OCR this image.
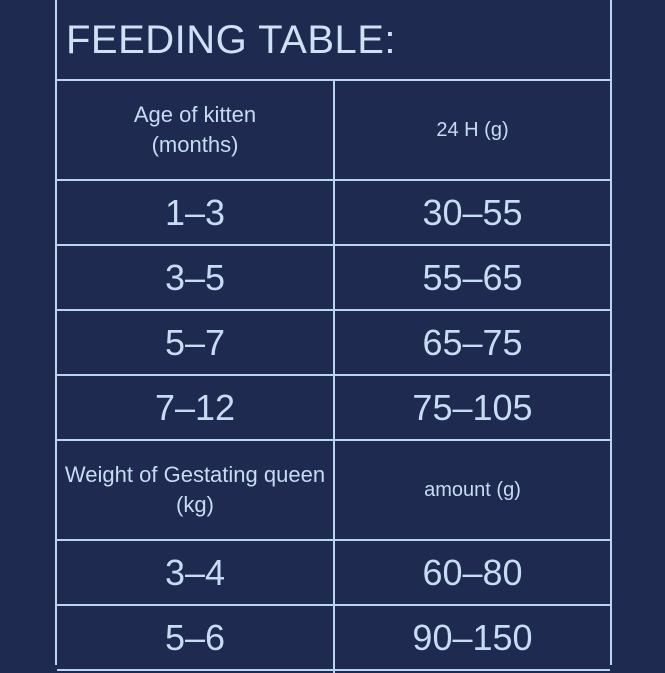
FEEDING TABLE:
Age of kitten
(months)	24 H (g)
1–3	30–55
3–5	55–65
5–7	65–75
7–12	75–105
Weight of Gestating queen (kg)	amount (g)
3–4	60–80
5–6	90–150
